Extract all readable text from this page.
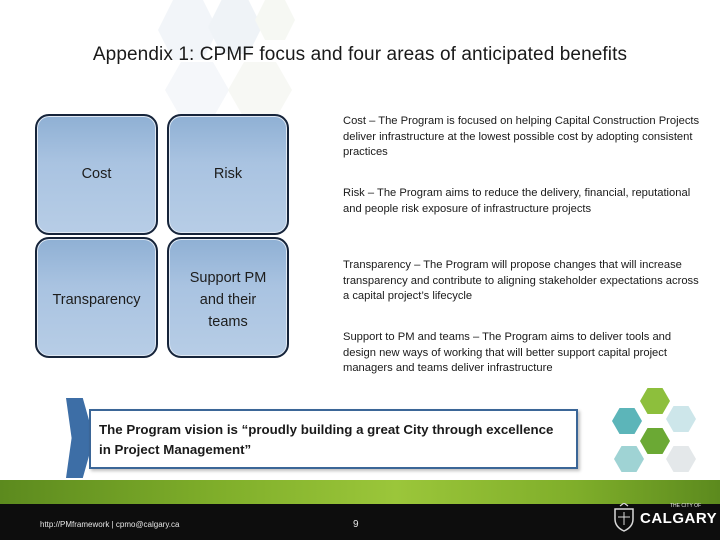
Appendix 1: CPMF focus and four areas of anticipated benefits
Cost	Risk
Transparency
Support PM
and their
teams
Cost – The Program is focused on helping Capital Construction Projects deliver infrastructure at the lowest possible cost by adopting consistent practices
Risk – The Program aims to reduce the delivery, financial, reputational and people risk exposure of infrastructure projects
Transparency – The Program will propose changes that will increase transparency and contribute to aligning stakeholder expectations across a capital project’s lifecycle
Support to PM and teams – The Program aims to deliver tools and design new ways of working that will better support capital project managers and teams deliver infrastructure
The Program vision is “proudly building a great City through excellence in Project Management”
http://PMframework | cpmo@calgary.ca	9
THE CITY OF
CALGARY
